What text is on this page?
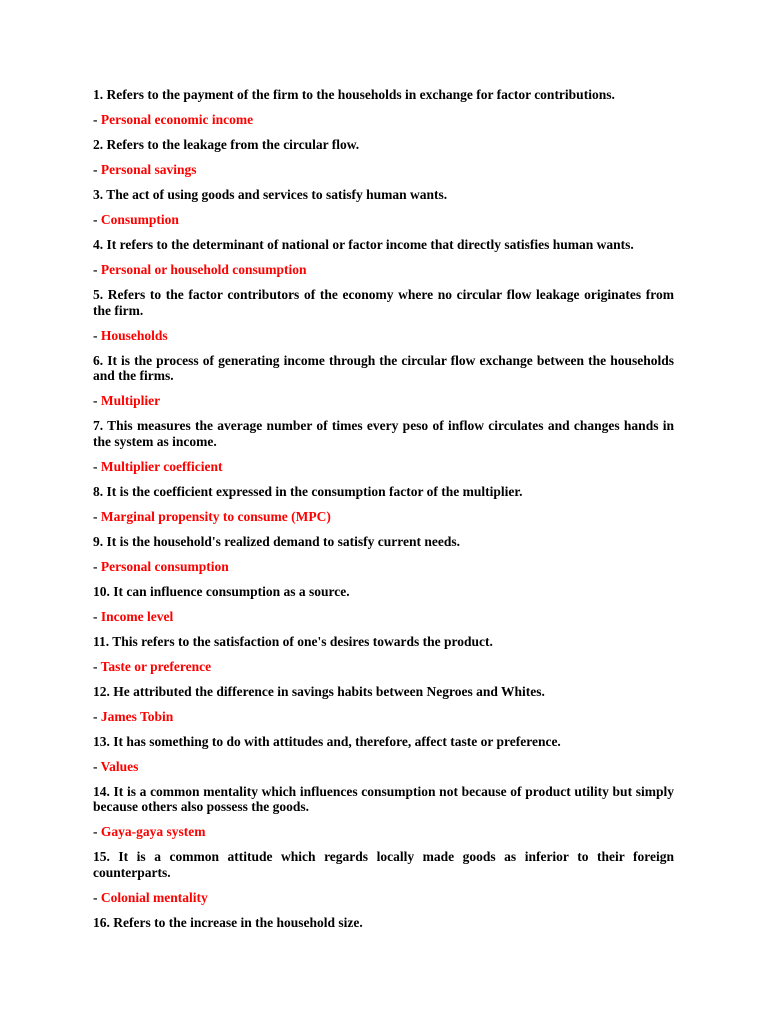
1. Refers to the payment of the firm to the households in exchange for factor contributions.

- Personal economic income

2. Refers to the leakage from the circular flow.

- Personal savings

3. The act of using goods and services to satisfy human wants.

- Consumption

4. It refers to the determinant of national or factor income that directly satisfies human wants.

- Personal or household consumption

5. Refers to the factor contributors of the economy where no circular flow leakage originates from the firm.

- Households

6. It is the process of generating income through the circular flow exchange between the households and the firms.

- Multiplier

7. This measures the average number of times every peso of inflow circulates and changes hands in the system as income.

- Multiplier coefficient

8. It is the coefficient expressed in the consumption factor of the multiplier.

- Marginal propensity to consume (MPC)

9. It is the household's realized demand to satisfy current needs.

- Personal consumption

10. It can influence consumption as a source.

- Income level

11. This refers to the satisfaction of one's desires towards the product.

- Taste or preference

12. He attributed the difference in savings habits between Negroes and Whites.

- James Tobin

13. It has something to do with attitudes and, therefore, affect taste or preference.

- Values

14. It is a common mentality which influences consumption not because of product utility but simply because others also possess the goods.

- Gaya-gaya system

15. It is a common attitude which regards locally made goods as inferior to their foreign counterparts.

- Colonial mentality

16. Refers to the increase in the household size.
